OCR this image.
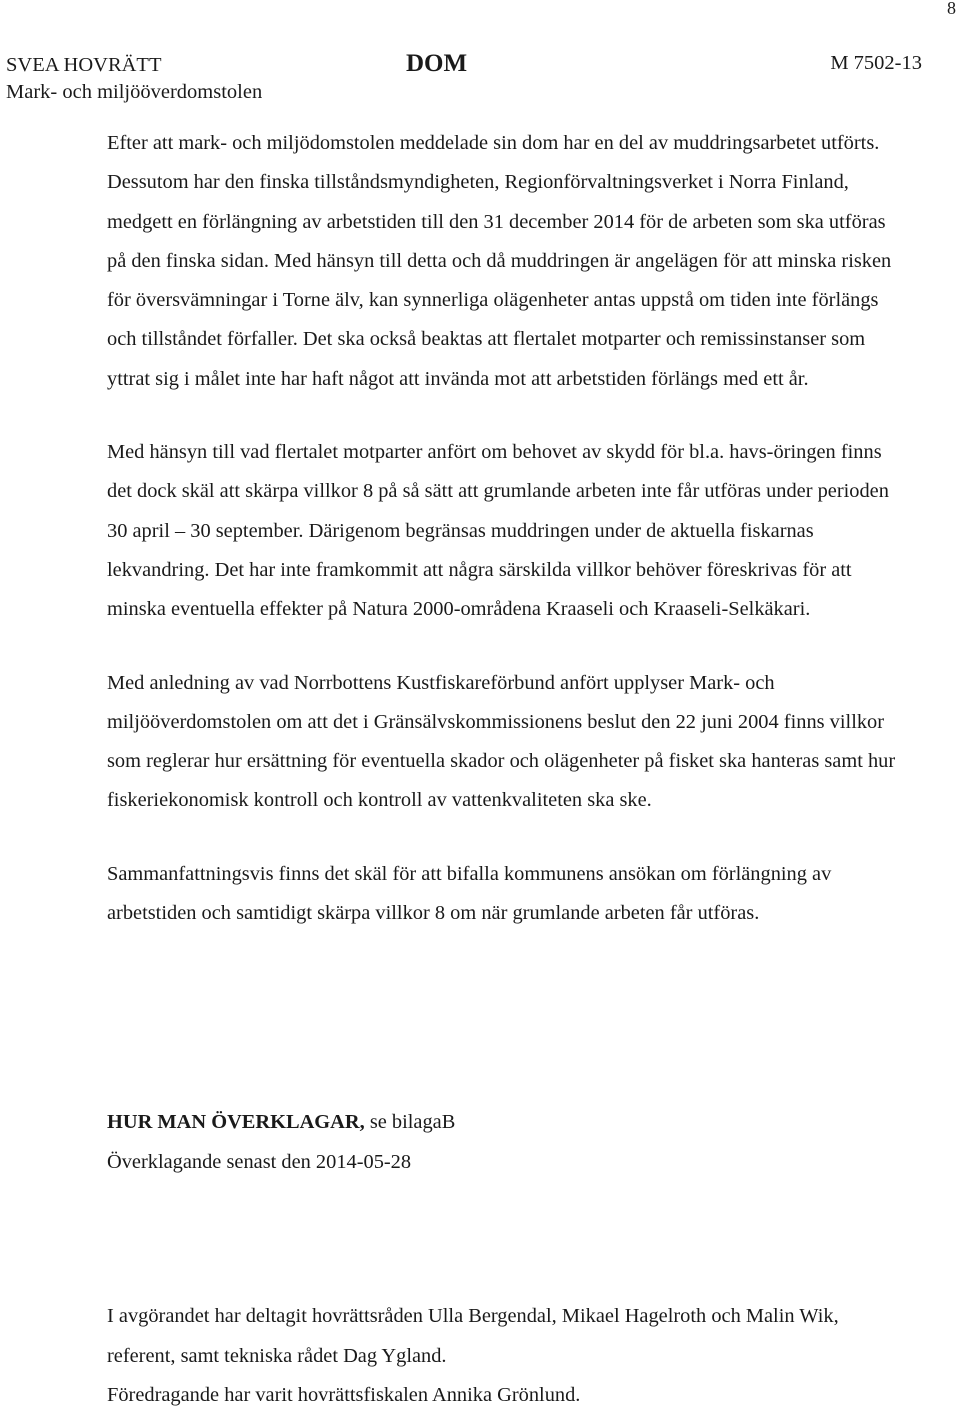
8
SVEA HOVRÄTT
Mark- och miljööverdomstolen
DOM	M 7502-13

Efter att mark- och miljödomstolen meddelade sin dom har en del av muddringsarbetet utförts. Dessutom har den finska tillståndsmyndigheten, Regionförvaltningsverket i Norra Finland, medgett en förlängning av arbetstiden till den 31 december 2014 för de arbeten som ska utföras på den finska sidan. Med hänsyn till detta och då muddringen är angelägen för att minska risken för översvämningar i Torne älv, kan synnerliga olägenheter antas uppstå om tiden inte förlängs och tillståndet förfaller. Det ska också beaktas att flertalet motparter och remissinstanser som yttrat sig i målet inte har haft något att invända mot att arbetstiden förlängs med ett år.

Med hänsyn till vad flertalet motparter anfört om behovet av skydd för bl.a. havs-öringen finns det dock skäl att skärpa villkor 8 på så sätt att grumlande arbeten inte får utföras under perioden 30 april – 30 september. Därigenom begränsas muddringen under de aktuella fiskarnas lekvandring. Det har inte framkommit att några särskilda villkor behöver föreskrivas för att minska eventuella effekter på Natura 2000-områdena Kraaseli och Kraaseli-Selkäkari.

Med anledning av vad Norrbottens Kustfiskareförbund anfört upplyser Mark- och miljööverdomstolen om att det i Gränsälvskommissionens beslut den 22 juni 2004 finns villkor som reglerar hur ersättning för eventuella skador och olägenheter på fisket ska hanteras samt hur fiskeriekonomisk kontroll och kontroll av vattenkvaliteten ska ske.

Sammanfattningsvis finns det skäl för att bifalla kommunens ansökan om förlängning av arbetstiden och samtidigt skärpa villkor 8 om när grumlande arbeten får utföras.

HUR MAN ÖVERKLAGAR, se bilagaB
Överklagande senast den 2014-05-28
I avgörandet har deltagit hovrättsråden Ulla Bergendal, Mikael Hagelroth och Malin Wik, referent, samt tekniska rådet Dag Ygland.
Föredragande har varit hovrättsfiskalen Annika Grönlund.
